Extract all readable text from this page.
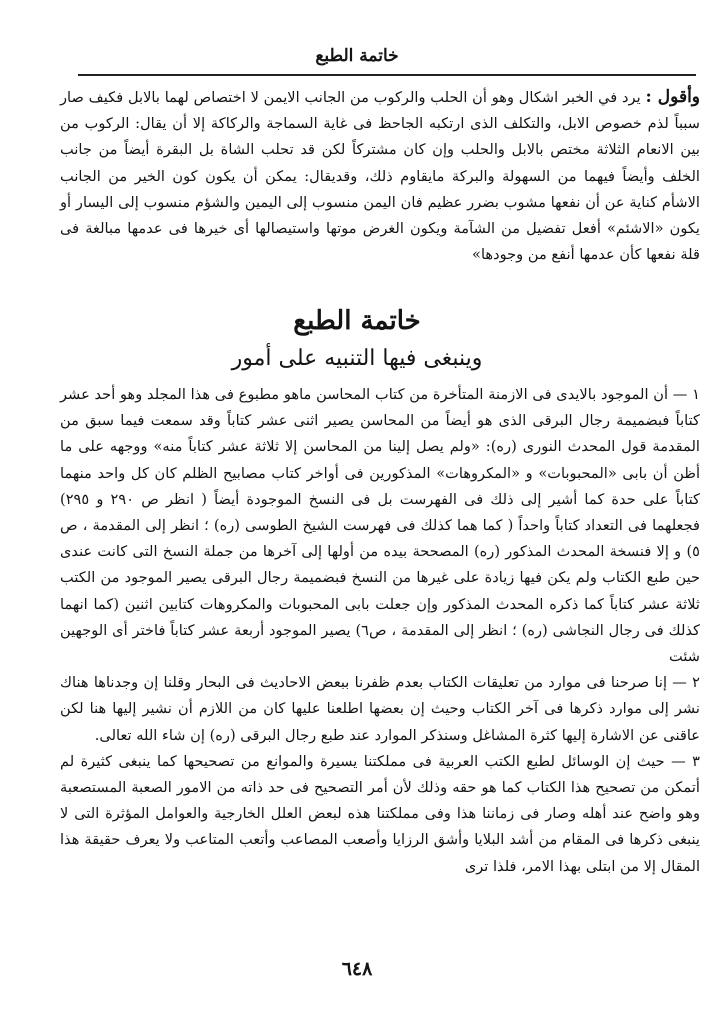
خاتمة الطبع

وأقول : يرد في الخبر اشكال وهو أن الحلب والركوب من الجانب الايمن لا اختصاص لهما بالابل فكيف صار سبباً لذم خصوص الابل، والتكلف الذى ارتكبه الجاحظ فى غاية السماجة والركاكة إلا أن يقال: الركوب من بين الانعام الثلاثة مختص بالابل والحلب وإن كان مشتركاً لكن قد تحلب الشاة بل البقرة أيضاً من جانب الخلف وأيضاً فيهما من السهولة والبركة مايقاوم ذلك، وقديقال: يمكن أن يكون كون الخير من الجانب الاشأم كناية عن أن نفعها مشوب بضرر عظيم فان اليمن منسوب إلى اليمين والشؤم منسوب إلى اليسار أو يكون «الاشئم» أفعل تفضيل من الشآمة ويكون الغرض موتها واستيصالها أى خيرها فى عدمها مبالغة فى قلة نفعها كأن عدمها أنفع من وجودها»

خاتمة الطبع
وينبغى فيها التنبيه على أمور

١ — أن الموجود بالايدى فى الازمنة المتأخرة من كتاب المحاسن ماهو مطبوع فى هذا المجلد وهو أحد عشر كتاباً فبضميمة رجال البرقى الذى هو أيضاً من المحاسن يصير اثنى عشر كتاباً وقد سمعت فيما سبق من المقدمة قول المحدث النورى (ره): «ولم يصل إلينا من المحاسن إلا ثلاثة عشر كتاباً منه» ووجهه على ما أظن أن بابى «المحبوبات» و «المكروهات» المذكورين فى أواخر كتاب مصابيح الظلم كان كل واحد منهما كتاباً على حدة كما أشير إلى ذلك فى الفهرست بل فى النسخ الموجودة أيضاً ( انظر ص ٢٩٠ و ٢٩٥) فجعلهما فى التعداد كتاباً واحداً ( كما هما كذلك فى فهرست الشيخ الطوسى (ره) ؛ انظر إلى المقدمة ، ص ٥) و إلا فنسخة المحدث المذكور (ره) المصححة بيده من أولها إلى آخرها من جملة النسخ التى كانت عندى حين طبع الكتاب ولم يكن فيها زيادة على غيرها من النسخ فبضميمة رجال البرقى يصير الموجود من الكتب ثلاثة عشر كتاباً كما ذكره المحدث المذكور وإن جعلت بابى المحبوبات والمكروهات كتابين اثنين (كما انهما كذلك فى رجال النجاشى (ره) ؛ انظر إلى المقدمة ، ص٦) يصير الموجود أربعة عشر كتاباً فاختر أى الوجهين شئت

٢ — إنا صرحنا فى موارد من تعليقات الكتاب بعدم ظفرنا ببعض الاحاديث فى البحار وقلنا إن وجدناها هناك نشر إلى موارد ذكرها فى آخر الكتاب وحيث إن بعضها اطلعنا عليها كان من اللازم أن نشير إليها هنا لكن عاقنى عن الاشارة إليها كثرة المشاغل وسنذكر الموارد عند طبع رجال البرقى (ره) إن شاء الله تعالى.

٣ — حيث إن الوسائل لطبع الكتب العربية فى مملكتنا يسيرة والموانع من تصحيحها كما ينبغى كثيرة لم أتمكن من تصحيح هذا الكتاب كما هو حقه وذلك لأن أمر التصحيح فى حد ذاته من الامور الصعبة المستصعبة وهو واضح عند أهله وصار فى زماننا هذا وفى مملكتنا هذه لبعض العلل الخارجية والعوامل المؤثرة التى لا ينبغى ذكرها فى المقام من أشد البلايا وأشق الرزايا وأصعب المصاعب وأتعب المتاعب ولا يعرف حقيقة هذا المقال إلا من ابتلى بهذا الامر، فلذا ترى

٦٤٨
